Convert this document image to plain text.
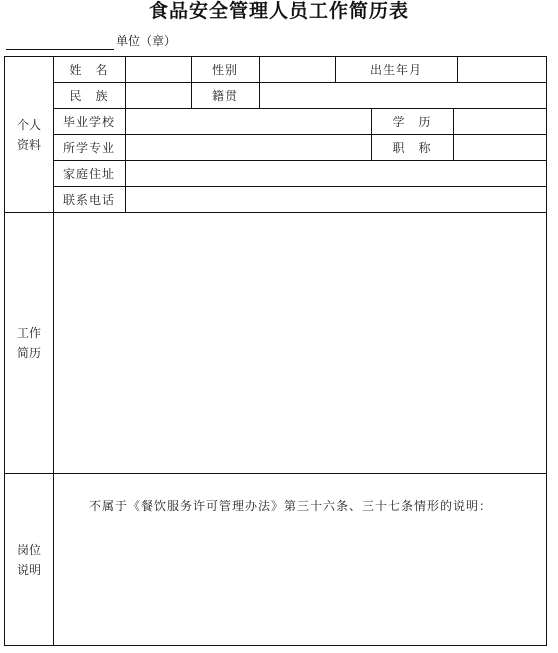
食品安全管理人员工作简历表
单位（章）
个人
资料
工作
简历
岗位
说明
姓　名	性别	出生年月
民　族	籍贯
毕业学校	学　历
所学专业	职　称
家庭住址
联系电话
不属于《餐饮服务许可管理办法》第三十六条、三十七条情形的说明：
